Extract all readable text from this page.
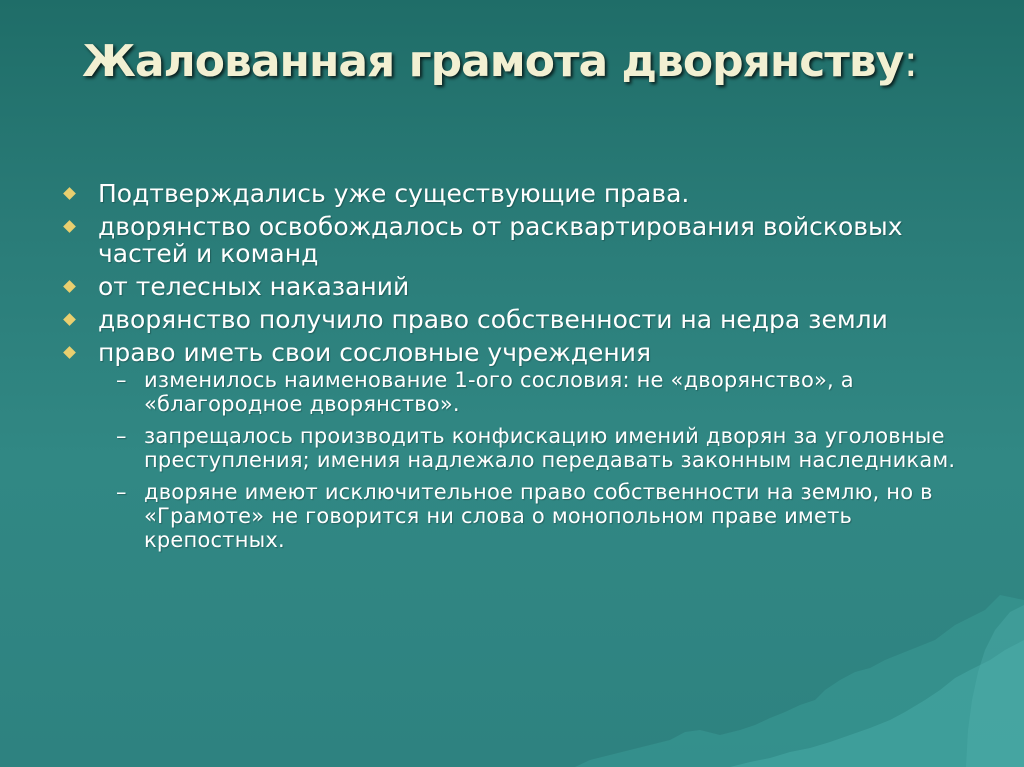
Жалованная грамота дворянству:
Подтверждались уже существующие права.
дворянство освобождалось от расквартирования войсковых частей и команд
от телесных наказаний
дворянство получило право собственности на недра земли
право иметь свои сословные учреждения
– изменилось наименование 1-ого сословия: не «дворянство», а «благородное дворянство».
– запрещалось производить конфискацию имений дворян за уголовные преступления; имения надлежало передавать законным наследникам.
– дворяне имеют исключительное право собственности на землю, но в «Грамоте» не говорится ни слова о монопольном праве иметь крепостных.
